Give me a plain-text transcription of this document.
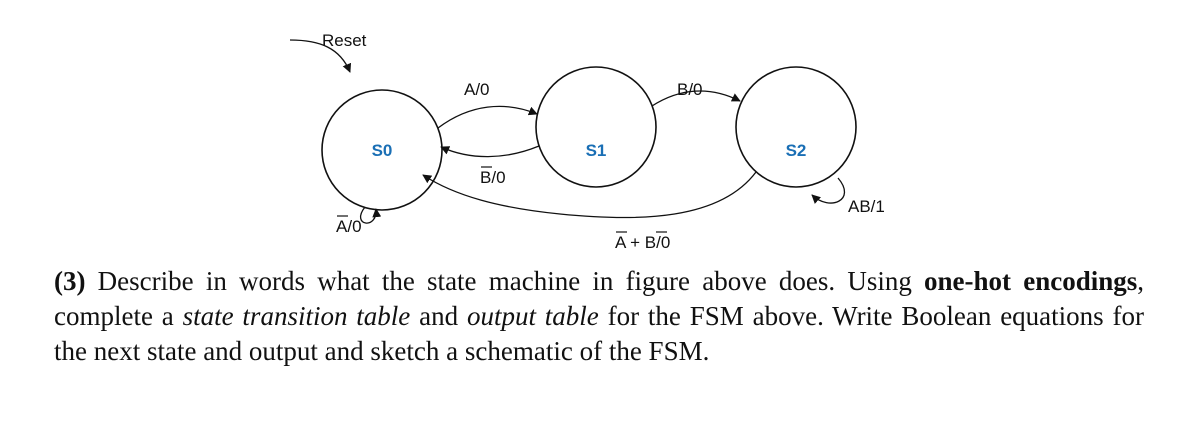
Reset
S0	S1	S2
A/0
B/0
B/0
A/0
AB/1
A + B/0

(3) Describe in words what the state machine in figure above does. Using one-hot encodings, complete a state transition table and output table for the FSM above. Write Boolean equations for the next state and output and sketch a schematic of the FSM.
